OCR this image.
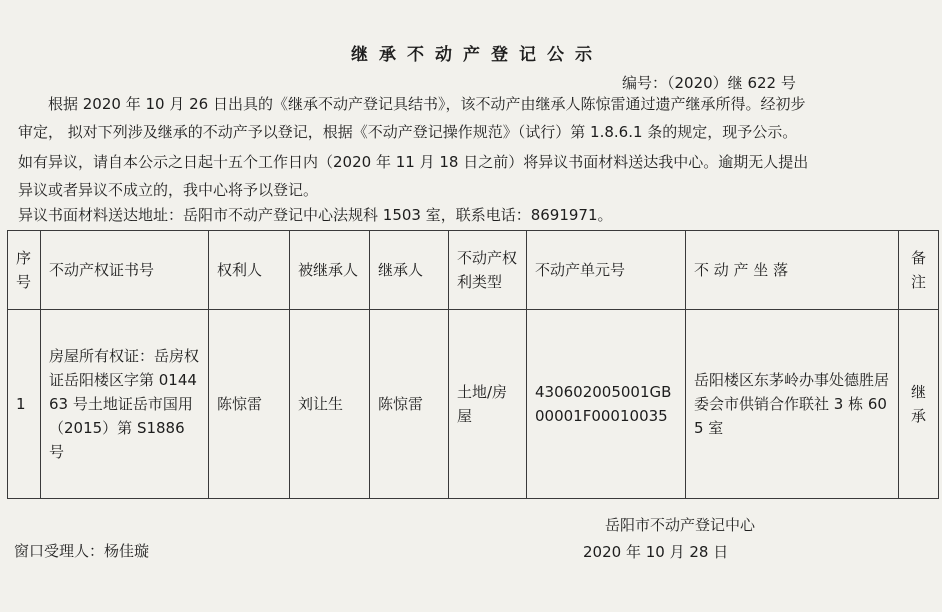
继承不动产登记公示
编号：（2020）继 622 号
　　根据 2020 年 10 月 26 日出具的《继承不动产登记具结书》，该不动产由继承人陈惊雷通过遗产继承所得。经初步
审定， 拟对下列涉及继承的不动产予以登记，根据《不动产登记操作规范》（试行）第 1.8.6.1 条的规定，现予公示。
如有异议，请自本公示之日起十五个工作日内（2020 年 11 月 18 日之前）将异议书面材料送达我中心。逾期无人提出
异议或者异议不成立的，我中心将予以登记。
异议书面材料送达地址：岳阳市不动产登记中心法规科 1503 室，联系电话：8691971。
序号	不动产权证书号	权利人	被继承人	继承人	不动产权利类型	不动产单元号	不 动 产 坐 落	备注
1	房屋所有权证：岳房权证岳阳楼区字第 014463 号土地证岳市国用（2015）第 S1886 号	陈惊雷	刘让生	陈惊雷	土地/房屋	430602005001GB00001F00010035	岳阳楼区东茅岭办事处德胜居委会市供销合作联社 3 栋 605 室	继承
岳阳市不动产登记中心
2020 年 10 月 28 日
窗口受理人：杨佳璇
